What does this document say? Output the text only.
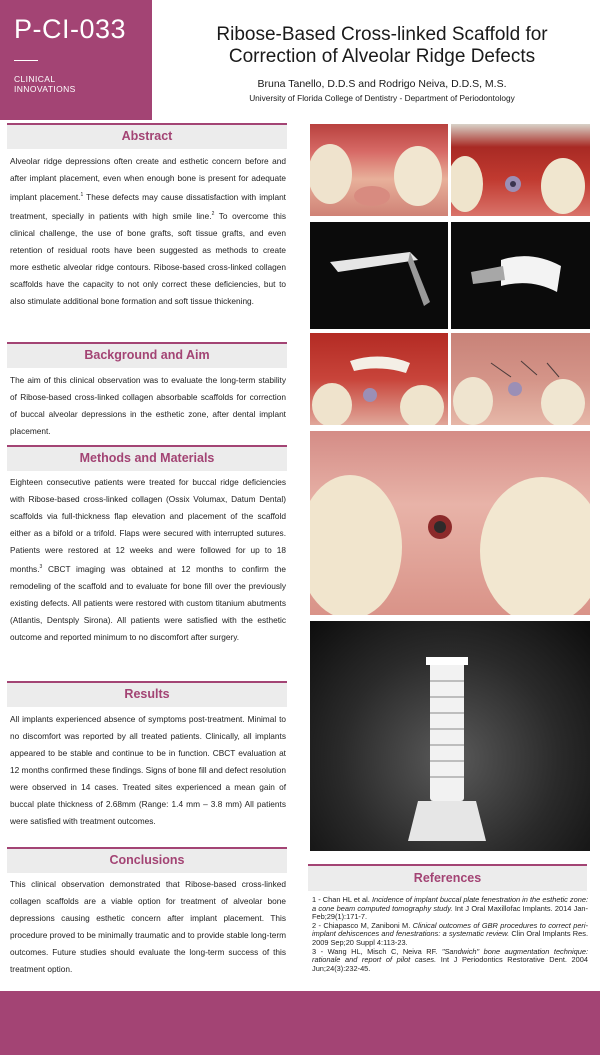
P-CI-033
CLINICAL
INNOVATIONS
Ribose-Based Cross-linked Scaffold for
Correction of Alveolar Ridge Defects
Bruna Tanello, D.D.S and Rodrigo Neiva, D.D.S, M.S.
University of Florida College of Dentistry - Department of Periodontology
Abstract

Alveolar ridge depressions often create and esthetic concern before and after implant placement, even when enough bone is present for adequate implant placement.$^1$ These defects may cause dissatisfaction with implant treatment, specially in patients with high smile line.$^2$ To overcome this clinical challenge, the use of bone grafts, soft tissue grafts, and even retention of residual roots have been suggested as methods to create more esthetic alveolar ridge contours. Ribose-based cross-linked collagen scaffolds have the capacity to not only correct these deficiencies, but to also stimulate additional bone formation and soft tissue thickening.

Background and Aim

The aim of this clinical observation was to evaluate the long-term stability of Ribose-based cross-linked collagen absorbable scaffolds for correction of buccal alveolar depressions in the esthetic zone, after dental implant placement.

Methods and Materials

Eighteen consecutive patients were treated for buccal ridge deficiencies with Ribose-based cross-linked collagen (Ossix Volumax, Datum Dental) scaffolds via full-thickness flap elevation and placement of the scaffold either as a bifold or a trifold. Flaps were secured with interrupted sutures. Patients were restored at 12 weeks and were followed for up to 18 months.$^3$ CBCT imaging was obtained at 12 months to confirm the remodeling of the scaffold and to evaluate for bone fill over the previously existing defects. All patients were restored with custom titanium abutments (Atlantis, Dentsply Sirona). All patients were satisfied with the esthetic outcome and reported minimum to no discomfort after surgery.

Results

All implants experienced absence of symptoms post-treatment. Minimal to no discomfort was reported by all treated patients. Clinically, all implants appeared to be stable and continue to be in function. CBCT evaluation at 12 months confirmed these findings. Signs of bone fill and defect resolution were observed in 14 cases. Treated sites experienced a mean gain of buccal plate thickness of 2.68mm (Range: 1.4 mm – 3.8 mm) All patients were satisfied with treatment outcomes.

Conclusions

This clinical observation demonstrated that Ribose-based cross-linked collagen scaffolds are a viable option for treatment of alveolar bone depressions causing esthetic concern after implant placement. This procedure proved to be minimally traumatic and to provide stable long-term outcomes. Future studies should evaluate the long-term success of this treatment option.

References

1 - Chan HL et al. Incidence of implant buccal plate fenestration in the esthetic zone: a cone beam computed tomography study. Int J Oral Maxillofac Implants. 2014 Jan-Feb;29(1):171-7.

2 - Chiapasco M, Zaniboni M. Clinical outcomes of GBR procedures to correct peri-implant dehiscences and fenestrations: a systematic review. Clin Oral Implants Res. 2009 Sep;20 Suppl 4:113-23.

3 - Wang HL, Misch C, Neiva RF. "Sandwich" bone augmentation technique: rationale and report of pilot cases. Int J Periodontics Restorative Dent. 2004 Jun;24(3):232-45.
